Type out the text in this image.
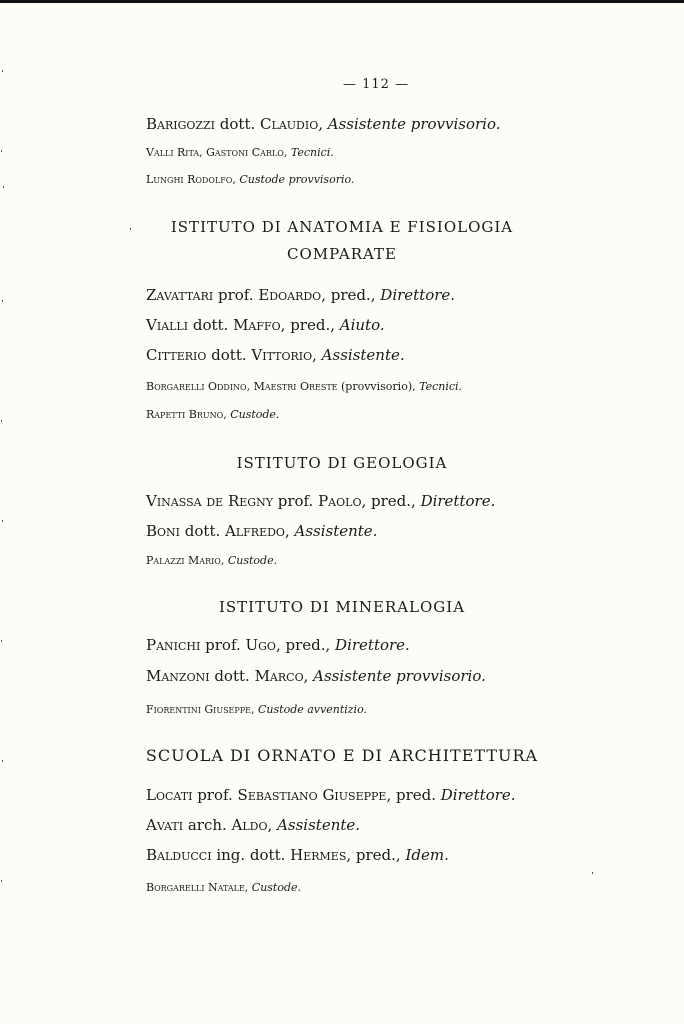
— 112 —
Barigozzi dott. Claudio, Assistente provvisorio.
Valli Rita, Gastoni Carlo, Tecnici.
Lunghi Rodolfo, Custode provvisorio.
ISTITUTO DI ANATOMIA E FISIOLOGIA
COMPARATE
Zavattari prof. Edoardo, pred., Direttore.
Vialli dott. Maffo, pred., Aiuto.
Citterio dott. Vittorio, Assistente.
Borgarelli Oddino, Maestri Oreste (provvisorio), Tecnici.
Rapetti Bruno, Custode.
ISTITUTO DI GEOLOGIA
Vinassa de Regny prof. Paolo, pred., Direttore.
Boni dott. Alfredo, Assistente.
Palazzi Mario, Custode.
ISTITUTO DI MINERALOGIA
Panichi prof. Ugo, pred., Direttore.
Manzoni dott. Marco, Assistente provvisorio.
Fiorentini Giuseppe, Custode avventizio.
SCUOLA DI ORNATO E DI ARCHITETTURA
Locati prof. Sebastiano Giuseppe, pred. Direttore.
Avati arch. Aldo, Assistente.
Balducci ing. dott. Hermes, pred., Idem.
Borgarelli Natale, Custode.
